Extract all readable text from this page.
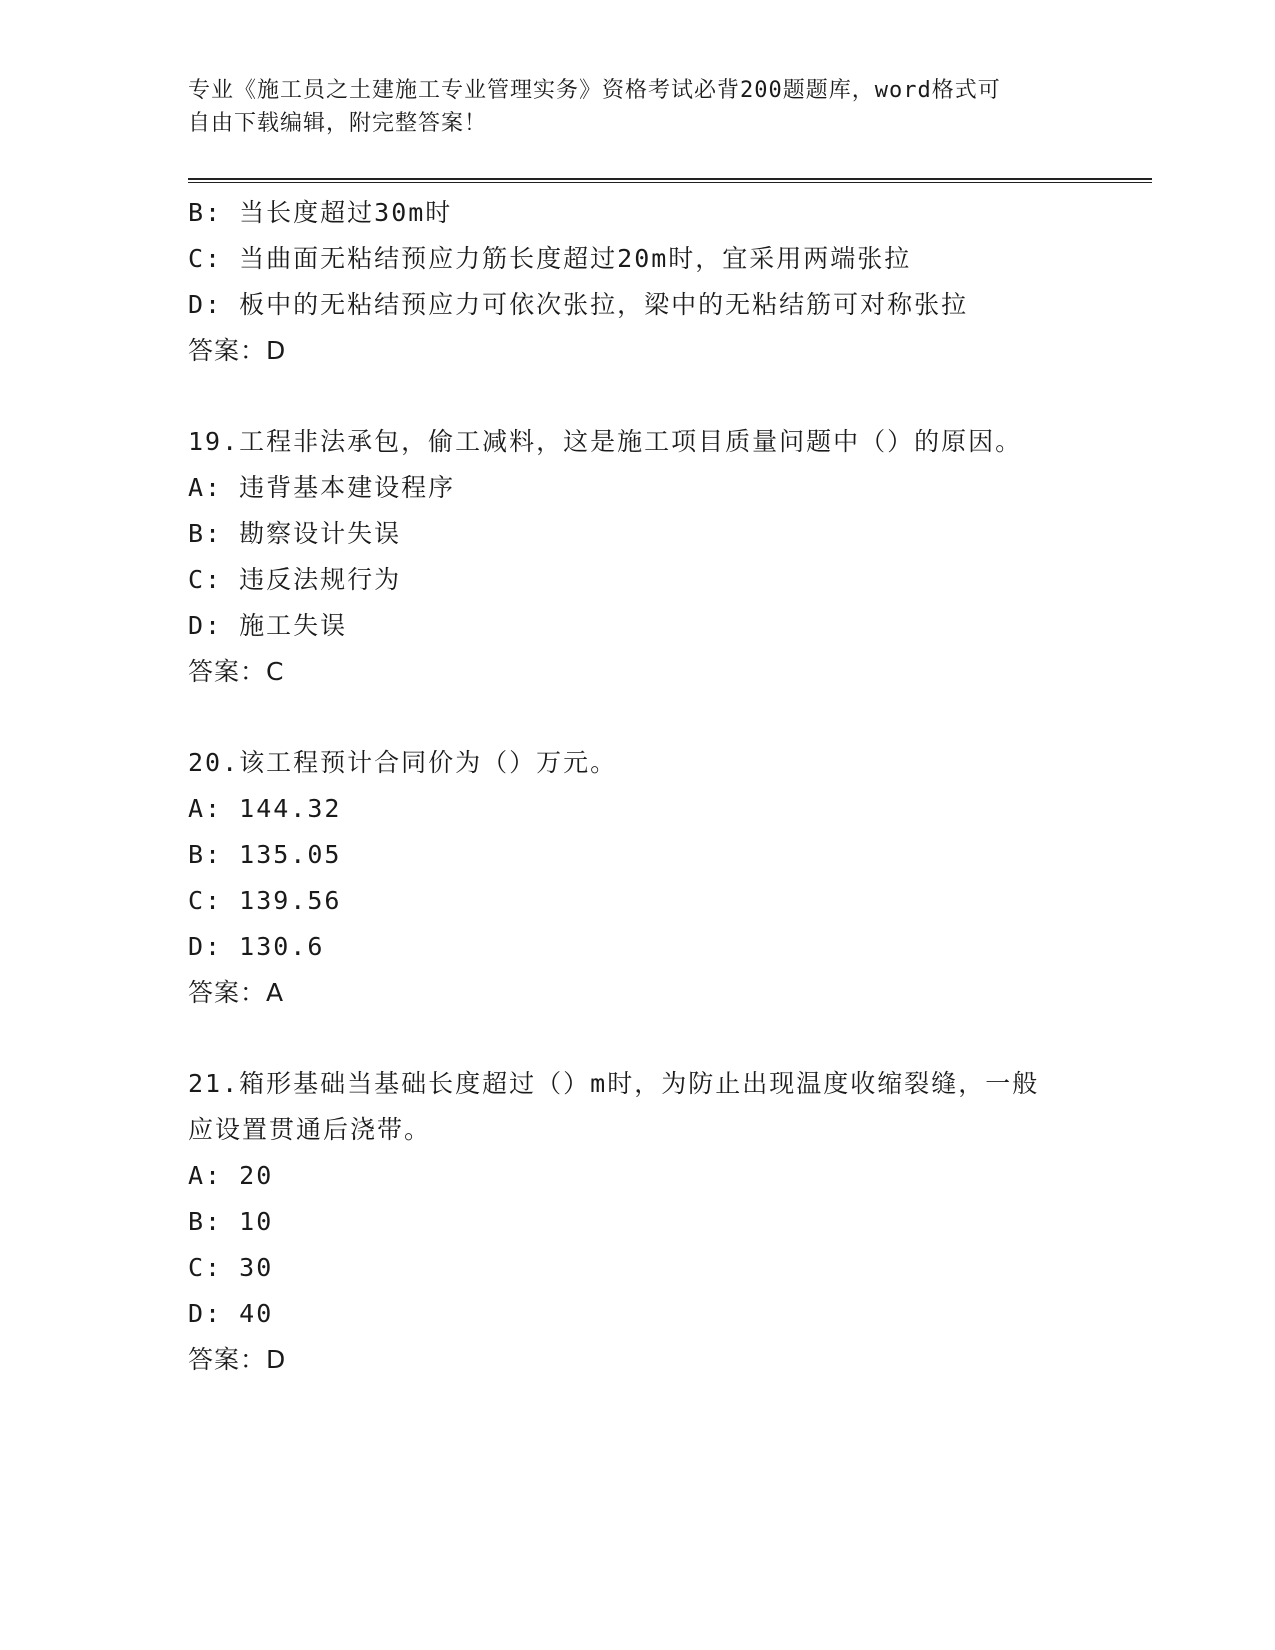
专业《施工员之土建施工专业管理实务》资格考试必背200题题库，word格式可
自由下载编辑，附完整答案！
B: 当长度超过30m时
C: 当曲面无粘结预应力筋长度超过20m时，宜采用两端张拉
D: 板中的无粘结预应力可依次张拉，梁中的无粘结筋可对称张拉
答案：D
19.工程非法承包，偷工减料，这是施工项目质量问题中（）的原因。
A: 违背基本建设程序
B: 勘察设计失误
C: 违反法规行为
D: 施工失误
答案：C
20.该工程预计合同价为（）万元。
A: 144.32
B: 135.05
C: 139.56
D: 130.6
答案：A
21.箱形基础当基础长度超过（）m时，为防止出现温度收缩裂缝，一般应设置贯通后浇带。
A: 20
B: 10
C: 30
D: 40
答案：D
